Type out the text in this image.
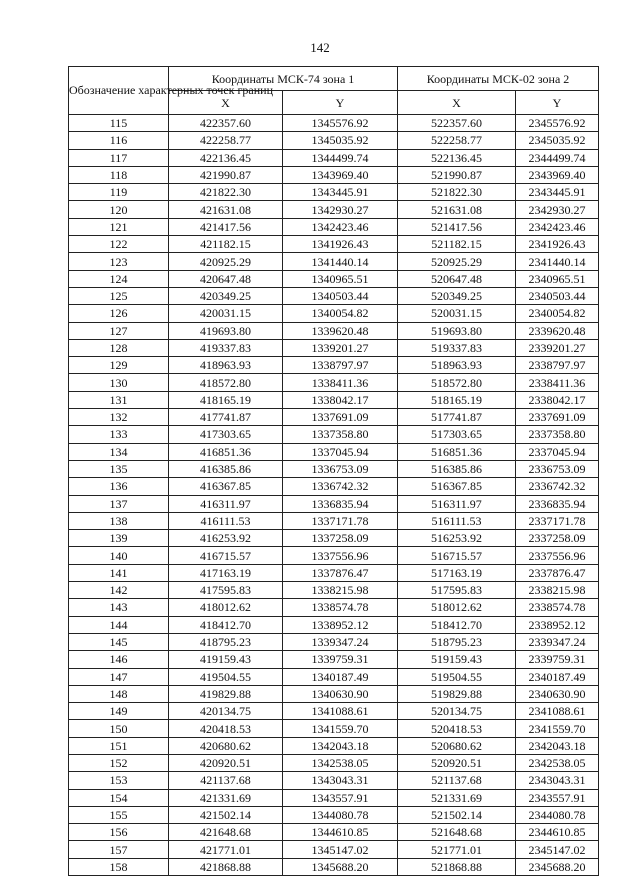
142
Обозначение характерных точек границ	Координаты МСК-74 зона 1		Координаты МСК-02 зона 2	
	X	Y	X	Y
115	422357.60	1345576.92	522357.60	2345576.92
116	422258.77	1345035.92	522258.77	2345035.92
117	422136.45	1344499.74	522136.45	2344499.74
118	421990.87	1343969.40	521990.87	2343969.40
119	421822.30	1343445.91	521822.30	2343445.91
120	421631.08	1342930.27	521631.08	2342930.27
121	421417.56	1342423.46	521417.56	2342423.46
122	421182.15	1341926.43	521182.15	2341926.43
123	420925.29	1341440.14	520925.29	2341440.14
124	420647.48	1340965.51	520647.48	2340965.51
125	420349.25	1340503.44	520349.25	2340503.44
126	420031.15	1340054.82	520031.15	2340054.82
127	419693.80	1339620.48	519693.80	2339620.48
128	419337.83	1339201.27	519337.83	2339201.27
129	418963.93	1338797.97	518963.93	2338797.97
130	418572.80	1338411.36	518572.80	2338411.36
131	418165.19	1338042.17	518165.19	2338042.17
132	417741.87	1337691.09	517741.87	2337691.09
133	417303.65	1337358.80	517303.65	2337358.80
134	416851.36	1337045.94	516851.36	2337045.94
135	416385.86	1336753.09	516385.86	2336753.09
136	416367.85	1336742.32	516367.85	2336742.32
137	416311.97	1336835.94	516311.97	2336835.94
138	416111.53	1337171.78	516111.53	2337171.78
139	416253.92	1337258.09	516253.92	2337258.09
140	416715.57	1337556.96	516715.57	2337556.96
141	417163.19	1337876.47	517163.19	2337876.47
142	417595.83	1338215.98	517595.83	2338215.98
143	418012.62	1338574.78	518012.62	2338574.78
144	418412.70	1338952.12	518412.70	2338952.12
145	418795.23	1339347.24	518795.23	2339347.24
146	419159.43	1339759.31	519159.43	2339759.31
147	419504.55	1340187.49	519504.55	2340187.49
148	419829.88	1340630.90	519829.88	2340630.90
149	420134.75	1341088.61	520134.75	2341088.61
150	420418.53	1341559.70	520418.53	2341559.70
151	420680.62	1342043.18	520680.62	2342043.18
152	420920.51	1342538.05	520920.51	2342538.05
153	421137.68	1343043.31	521137.68	2343043.31
154	421331.69	1343557.91	521331.69	2343557.91
155	421502.14	1344080.78	521502.14	2344080.78
156	421648.68	1344610.85	521648.68	2344610.85
157	421771.01	1345147.02	521771.01	2345147.02
158	421868.88	1345688.20	521868.88	2345688.20
